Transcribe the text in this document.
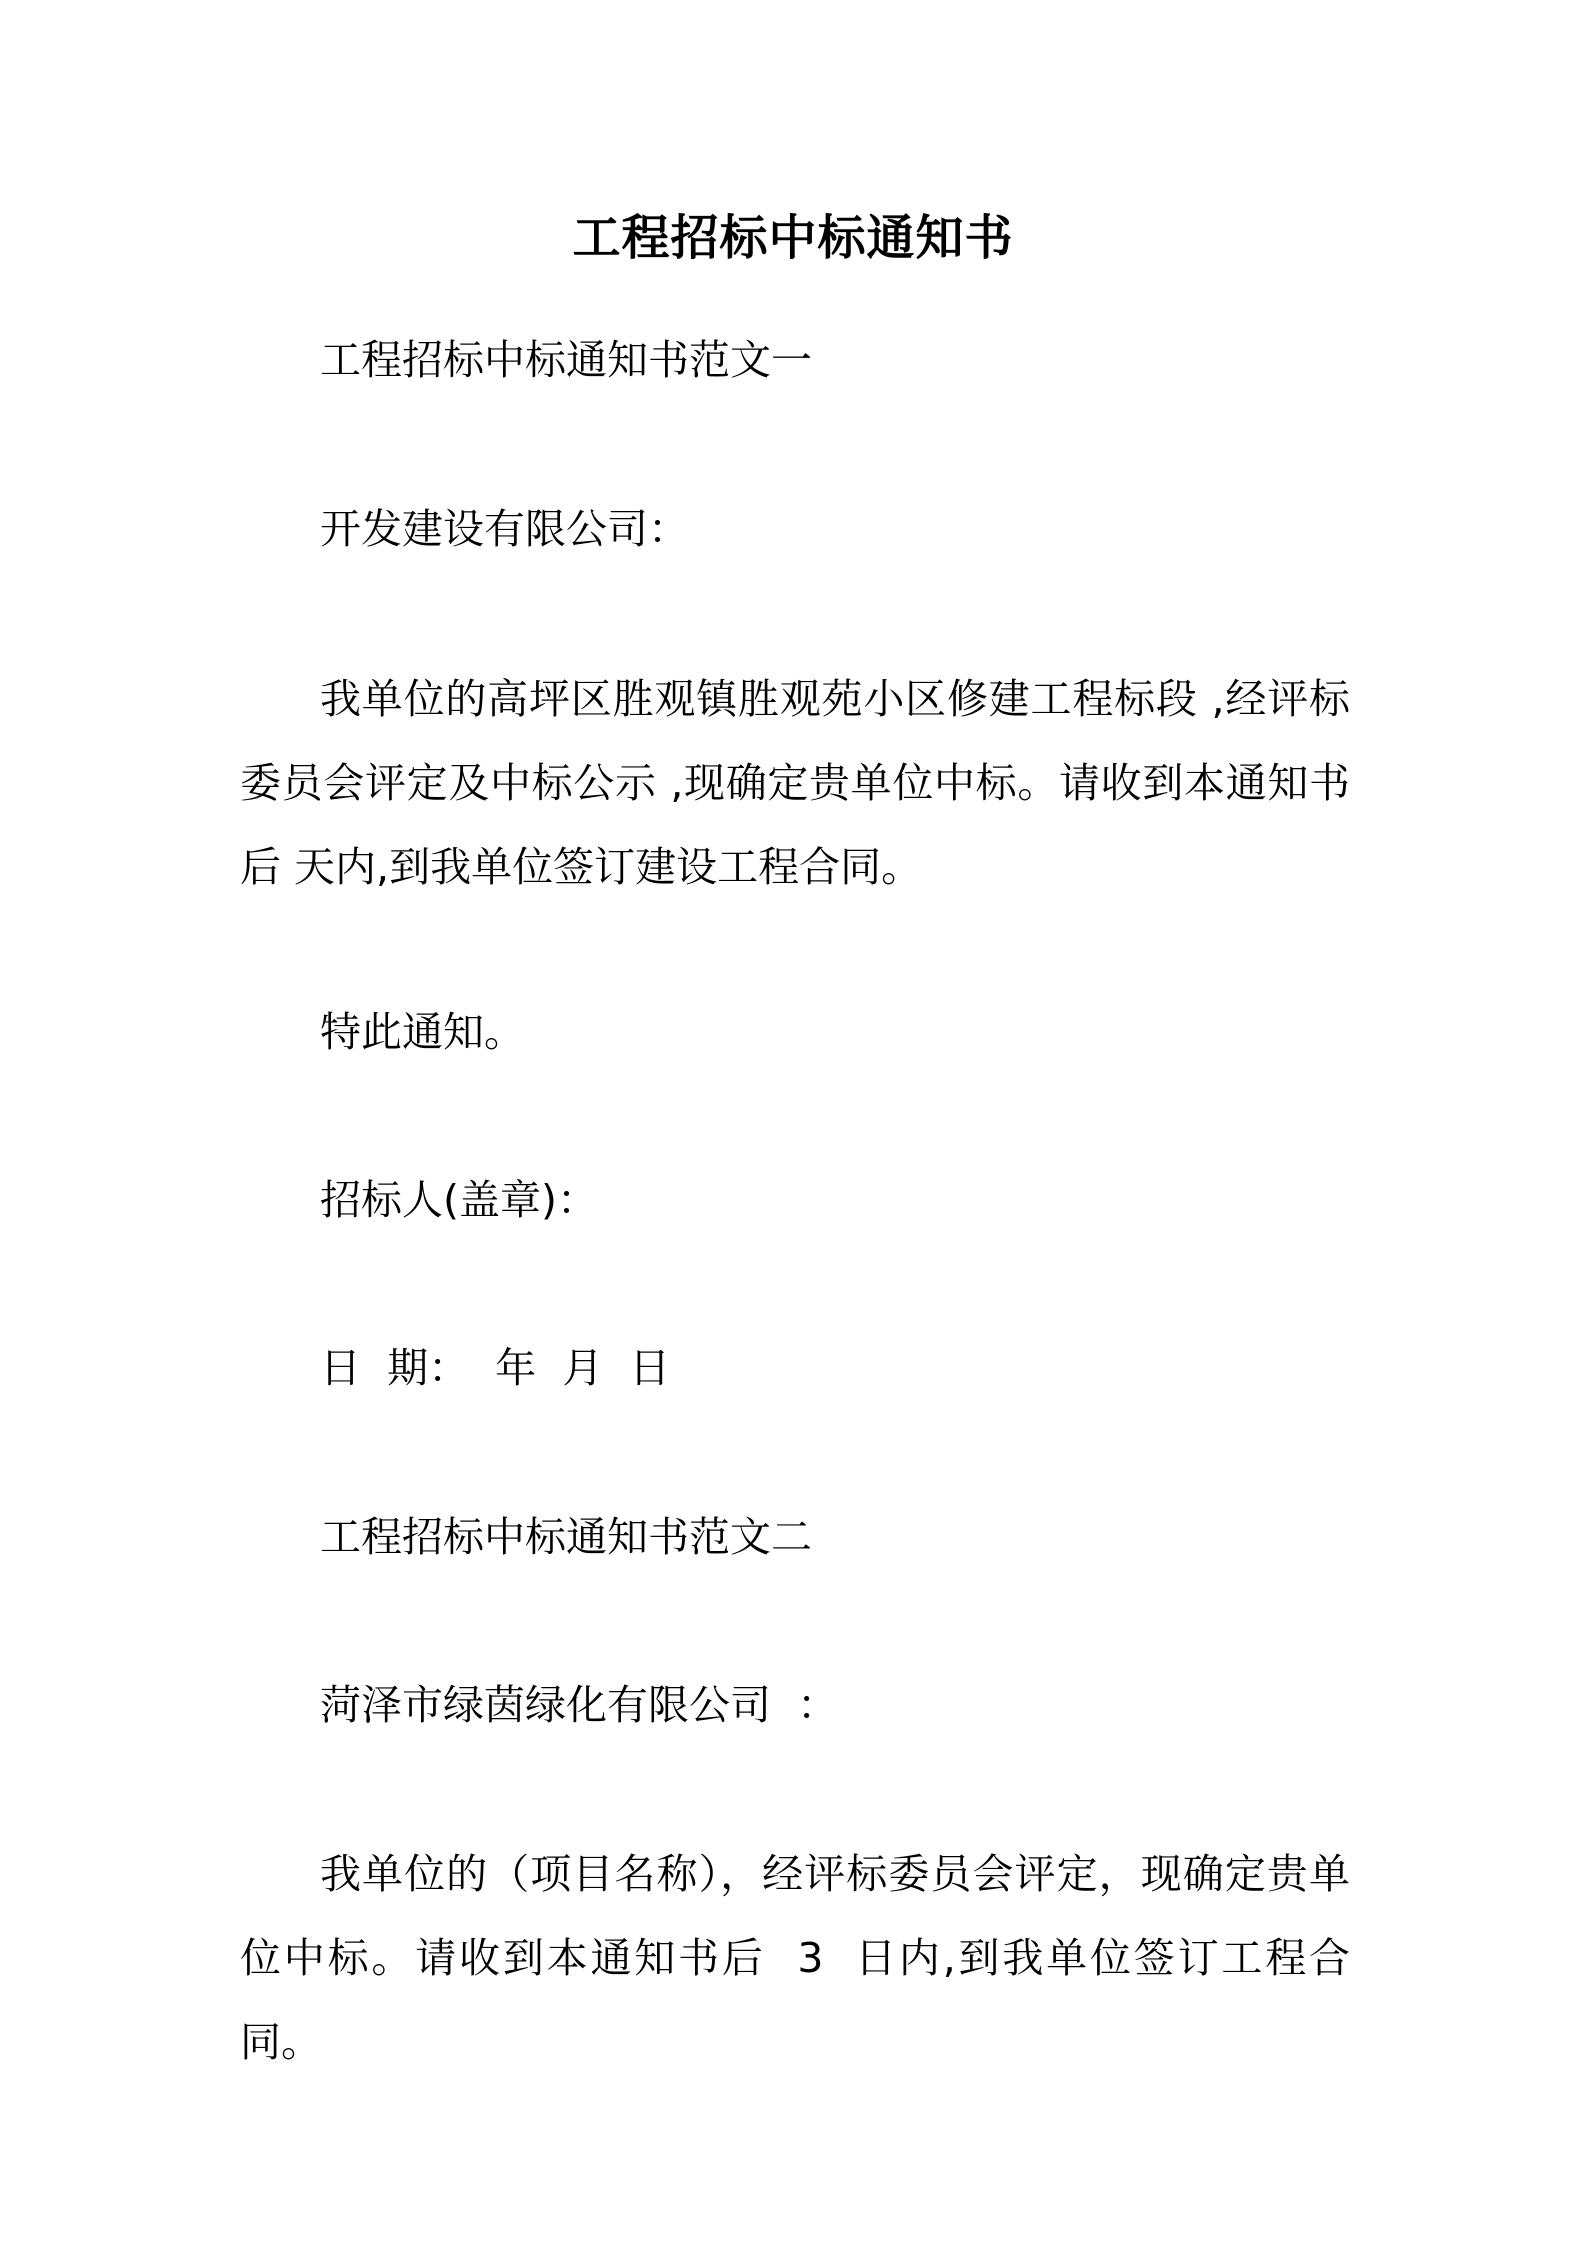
工程招标中标通知书
工程招标中标通知书范文一
开发建设有限公司：
我单位的高坪区胜观镇胜观苑小区修建工程标段 ,经评标委员会评定及中标公示 ,现确定贵单位中标。请收到本通知书后 天内,到我单位签订建设工程合同。
特此通知。
招标人(盖章)：
日  期：  年  月  日
工程招标中标通知书范文二
菏泽市绿茵绿化有限公司  ：
我单位的（项目名称），经评标委员会评定，现确定贵单位中标。请收到本通知书后  3  日内,到我单位签订工程合同。
